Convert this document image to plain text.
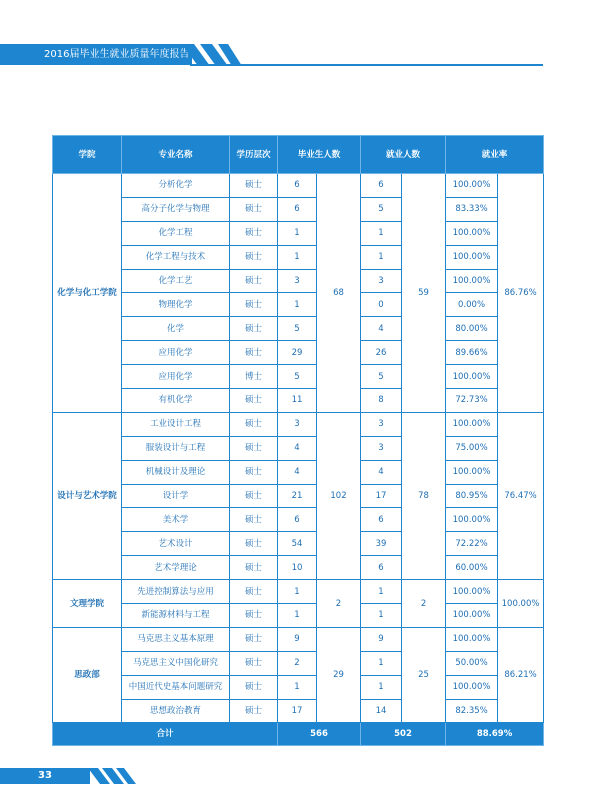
2016届毕业生就业质量年度报告
学院	专业名称	学历层次	毕业生人数		就业人数		就业率	
化学与化工学院	分析化学	硕士	6	68	6	59	100.00%	86.76%
	高分子化学与物理	硕士	6		5		83.33%	
	化学工程	硕士	1		1		100.00%	
	化学工程与技术	硕士	1		1		100.00%	
	化学工艺	硕士	3		3		100.00%	
	物理化学	硕士	1		0		0.00%	
	化学	硕士	5		4		80.00%	
	应用化学	硕士	29		26		89.66%	
	应用化学	博士	5		5		100.00%	
	有机化学	硕士	11		8		72.73%	
设计与艺术学院	工业设计工程	硕士	3	102	3	78	100.00%	76.47%
	服装设计与工程	硕士	4		3		75.00%	
	机械设计及理论	硕士	4		4		100.00%	
	设计学	硕士	21		17		80.95%	
	美术学	硕士	6		6		100.00%	
	艺术设计	硕士	54		39		72.22%	
	艺术学理论	硕士	10		6		60.00%	
文理学院	先进控制算法与应用	硕士	1	2	1	2	100.00%	100.00%
	新能源材料与工程	硕士	1		1		100.00%	
思政部	马克思主义基本原理	硕士	9	29	9	25	100.00%	86.21%
	马克思主义中国化研究	硕士	2		1		50.00%	
	中国近代史基本问题研究	硕士	1		1		100.00%	
	思想政治教育	硕士	17		14		82.35%	
合计			566		502		88.69%	
33
